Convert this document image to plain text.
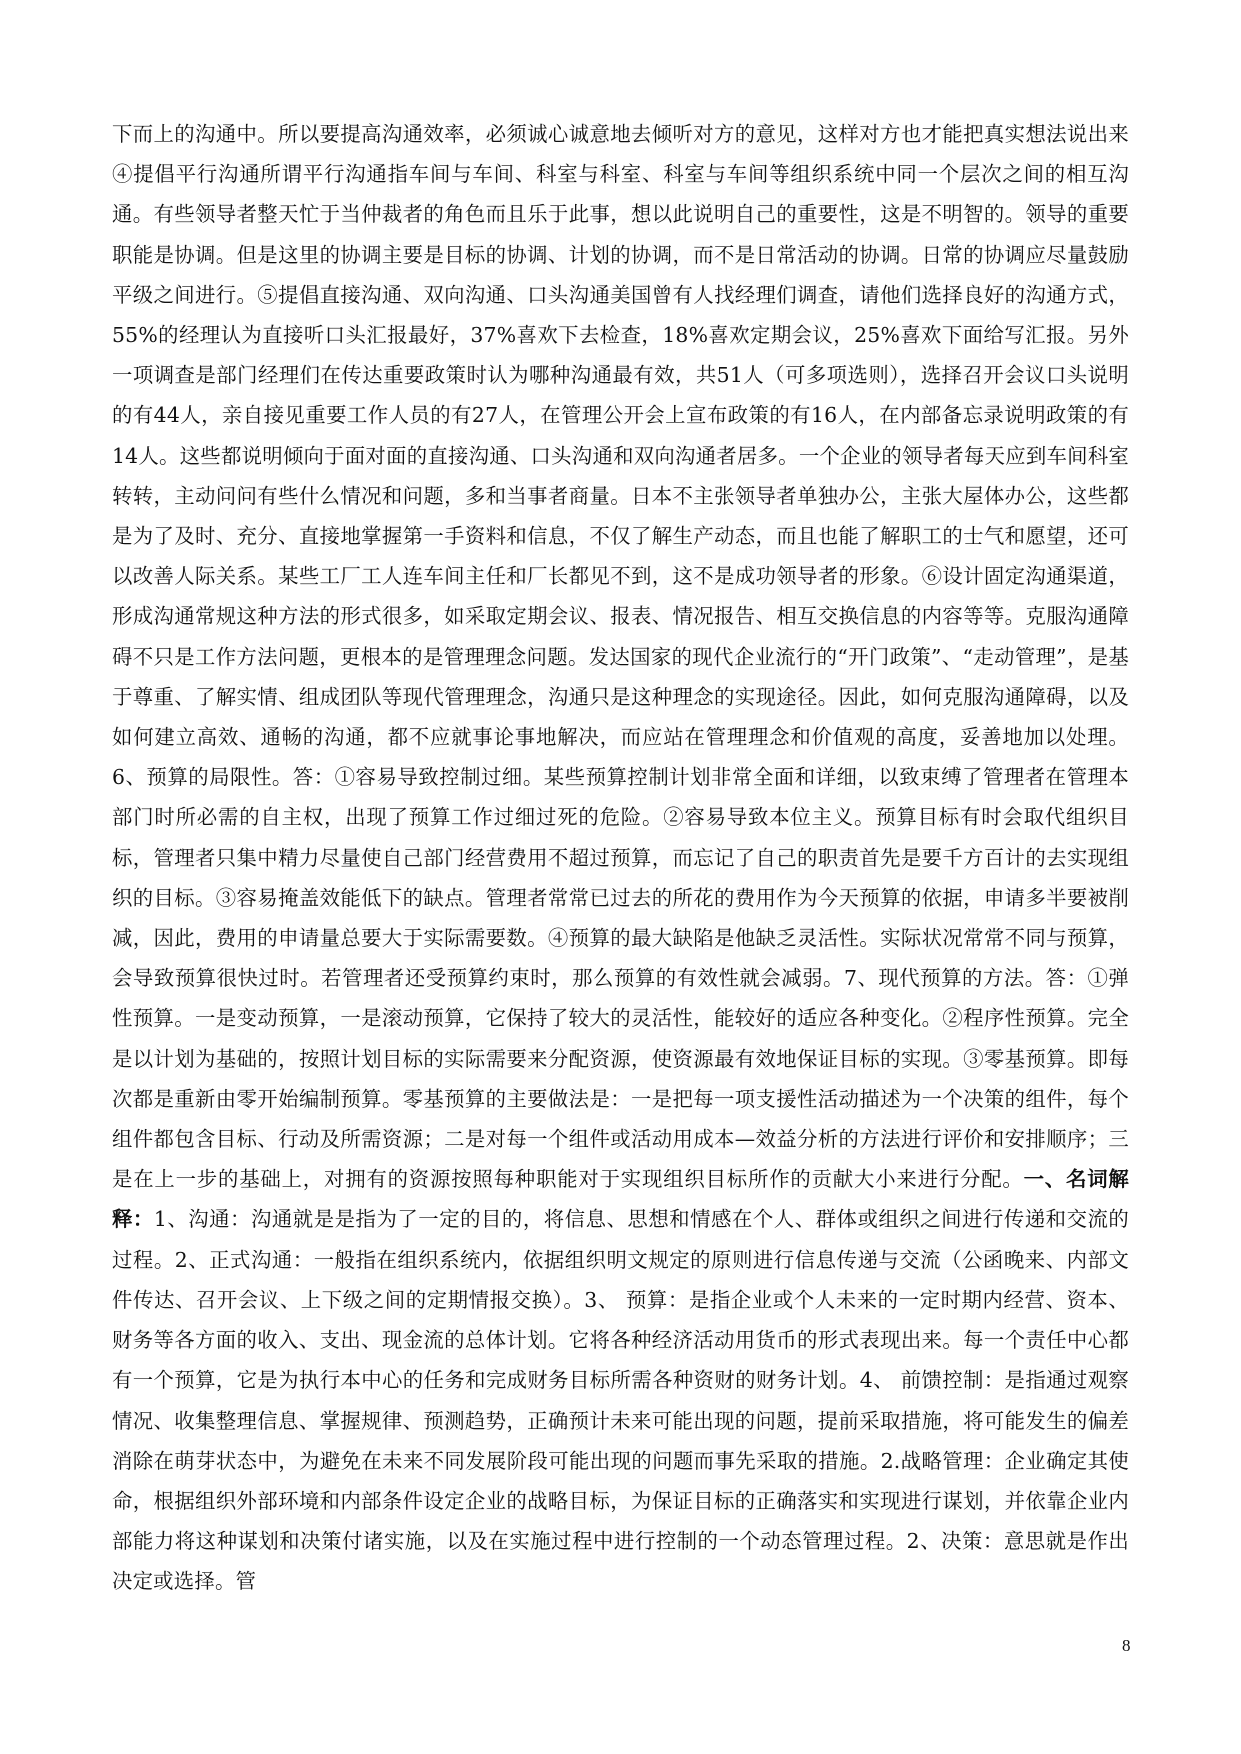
下而上的沟通中。所以要提高沟通效率，必须诚心诚意地去倾听对方的意见，这样对方也才能把真实想法说出来④提倡平行沟通所谓平行沟通指车间与车间、科室与科室、科室与车间等组织系统中同一个层次之间的相互沟通。有些领导者整天忙于当仲裁者的角色而且乐于此事，想以此说明自己的重要性，这是不明智的。领导的重要职能是协调。但是这里的协调主要是目标的协调、计划的协调，而不是日常活动的协调。日常的协调应尽量鼓励平级之间进行。⑤提倡直接沟通、双向沟通、口头沟通美国曾有人找经理们调查，请他们选择良好的沟通方式，55%的经理认为直接听口头汇报最好，37%喜欢下去检查，18%喜欢定期会议，25%喜欢下面给写汇报。另外一项调查是部门经理们在传达重要政策时认为哪种沟通最有效，共51人（可多项选则），选择召开会议口头说明的有44人，亲自接见重要工作人员的有27人，在管理公开会上宣布政策的有16人，在内部备忘录说明政策的有14人。这些都说明倾向于面对面的直接沟通、口头沟通和双向沟通者居多。一个企业的领导者每天应到车间科室转转，主动问问有些什么情况和问题，多和当事者商量。日本不主张领导者单独办公，主张大屋体办公，这些都是为了及时、充分、直接地掌握第一手资料和信息，不仅了解生产动态，而且也能了解职工的士气和愿望，还可以改善人际关系。某些工厂工人连车间主任和厂长都见不到，这不是成功领导者的形象。⑥设计固定沟通渠道，形成沟通常规这种方法的形式很多，如采取定期会议、报表、情况报告、相互交换信息的内容等等。克服沟通障碍不只是工作方法问题，更根本的是管理理念问题。发达国家的现代企业流行的“开门政策”、“走动管理”，是基于尊重、了解实情、组成团队等现代管理理念，沟通只是这种理念的实现途径。因此，如何克服沟通障碍，以及如何建立高效、通畅的沟通，都不应就事论事地解决，而应站在管理理念和价值观的高度，妥善地加以处理。6、预算的局限性。答：①容易导致控制过细。某些预算控制计划非常全面和详细，以致束缚了管理者在管理本部门时所必需的自主权，出现了预算工作过细过死的危险。②容易导致本位主义。预算目标有时会取代组织目标，管理者只集中精力尽量使自己部门经营费用不超过预算，而忘记了自己的职责首先是要千方百计的去实现组织的目标。③容易掩盖效能低下的缺点。管理者常常已过去的所花的费用作为今天预算的依据，申请多半要被削减，因此，费用的申请量总要大于实际需要数。④预算的最大缺陷是他缺乏灵活性。实际状况常常不同与预算，会导致预算很快过时。若管理者还受预算约束时，那么预算的有效性就会减弱。7、现代预算的方法。答：①弹性预算。一是变动预算，一是滚动预算，它保持了较大的灵活性，能较好的适应各种变化。②程序性预算。完全是以计划为基础的，按照计划目标的实际需要来分配资源，使资源最有效地保证目标的实现。③零基预算。即每次都是重新由零开始编制预算。零基预算的主要做法是：一是把每一项支援性活动描述为一个决策的组件，每个组件都包含目标、行动及所需资源；二是对每一个组件或活动用成本—效益分析的方法进行评价和安排顺序；三是在上一步的基础上，对拥有的资源按照每种职能对于实现组织目标所作的贡献大小来进行分配。一、名词解释：1、沟通：沟通就是是指为了一定的目的，将信息、思想和情感在个人、群体或组织之间进行传递和交流的过程。2、正式沟通：一般指在组织系统内，依据组织明文规定的原则进行信息传递与交流（公函晚来、内部文件传达、召开会议、上下级之间的定期情报交换）。3、 预算：是指企业或个人未来的一定时期内经营、资本、财务等各方面的收入、支出、现金流的总体计划。它将各种经济活动用货币的形式表现出来。每一个责任中心都有一个预算，它是为执行本中心的任务和完成财务目标所需各种资财的财务计划。4、 前馈控制：是指通过观察情况、收集整理信息、掌握规律、预测趋势，正确预计未来可能出现的问题，提前采取措施，将可能发生的偏差消除在萌芽状态中，为避免在未来不同发展阶段可能出现的问题而事先采取的措施。2.战略管理：企业确定其使命，根据组织外部环境和内部条件设定企业的战略目标，为保证目标的正确落实和实现进行谋划，并依靠企业内部能力将这种谋划和决策付诸实施，以及在实施过程中进行控制的一个动态管理过程。2、决策：意思就是作出决定或选择。管
8
